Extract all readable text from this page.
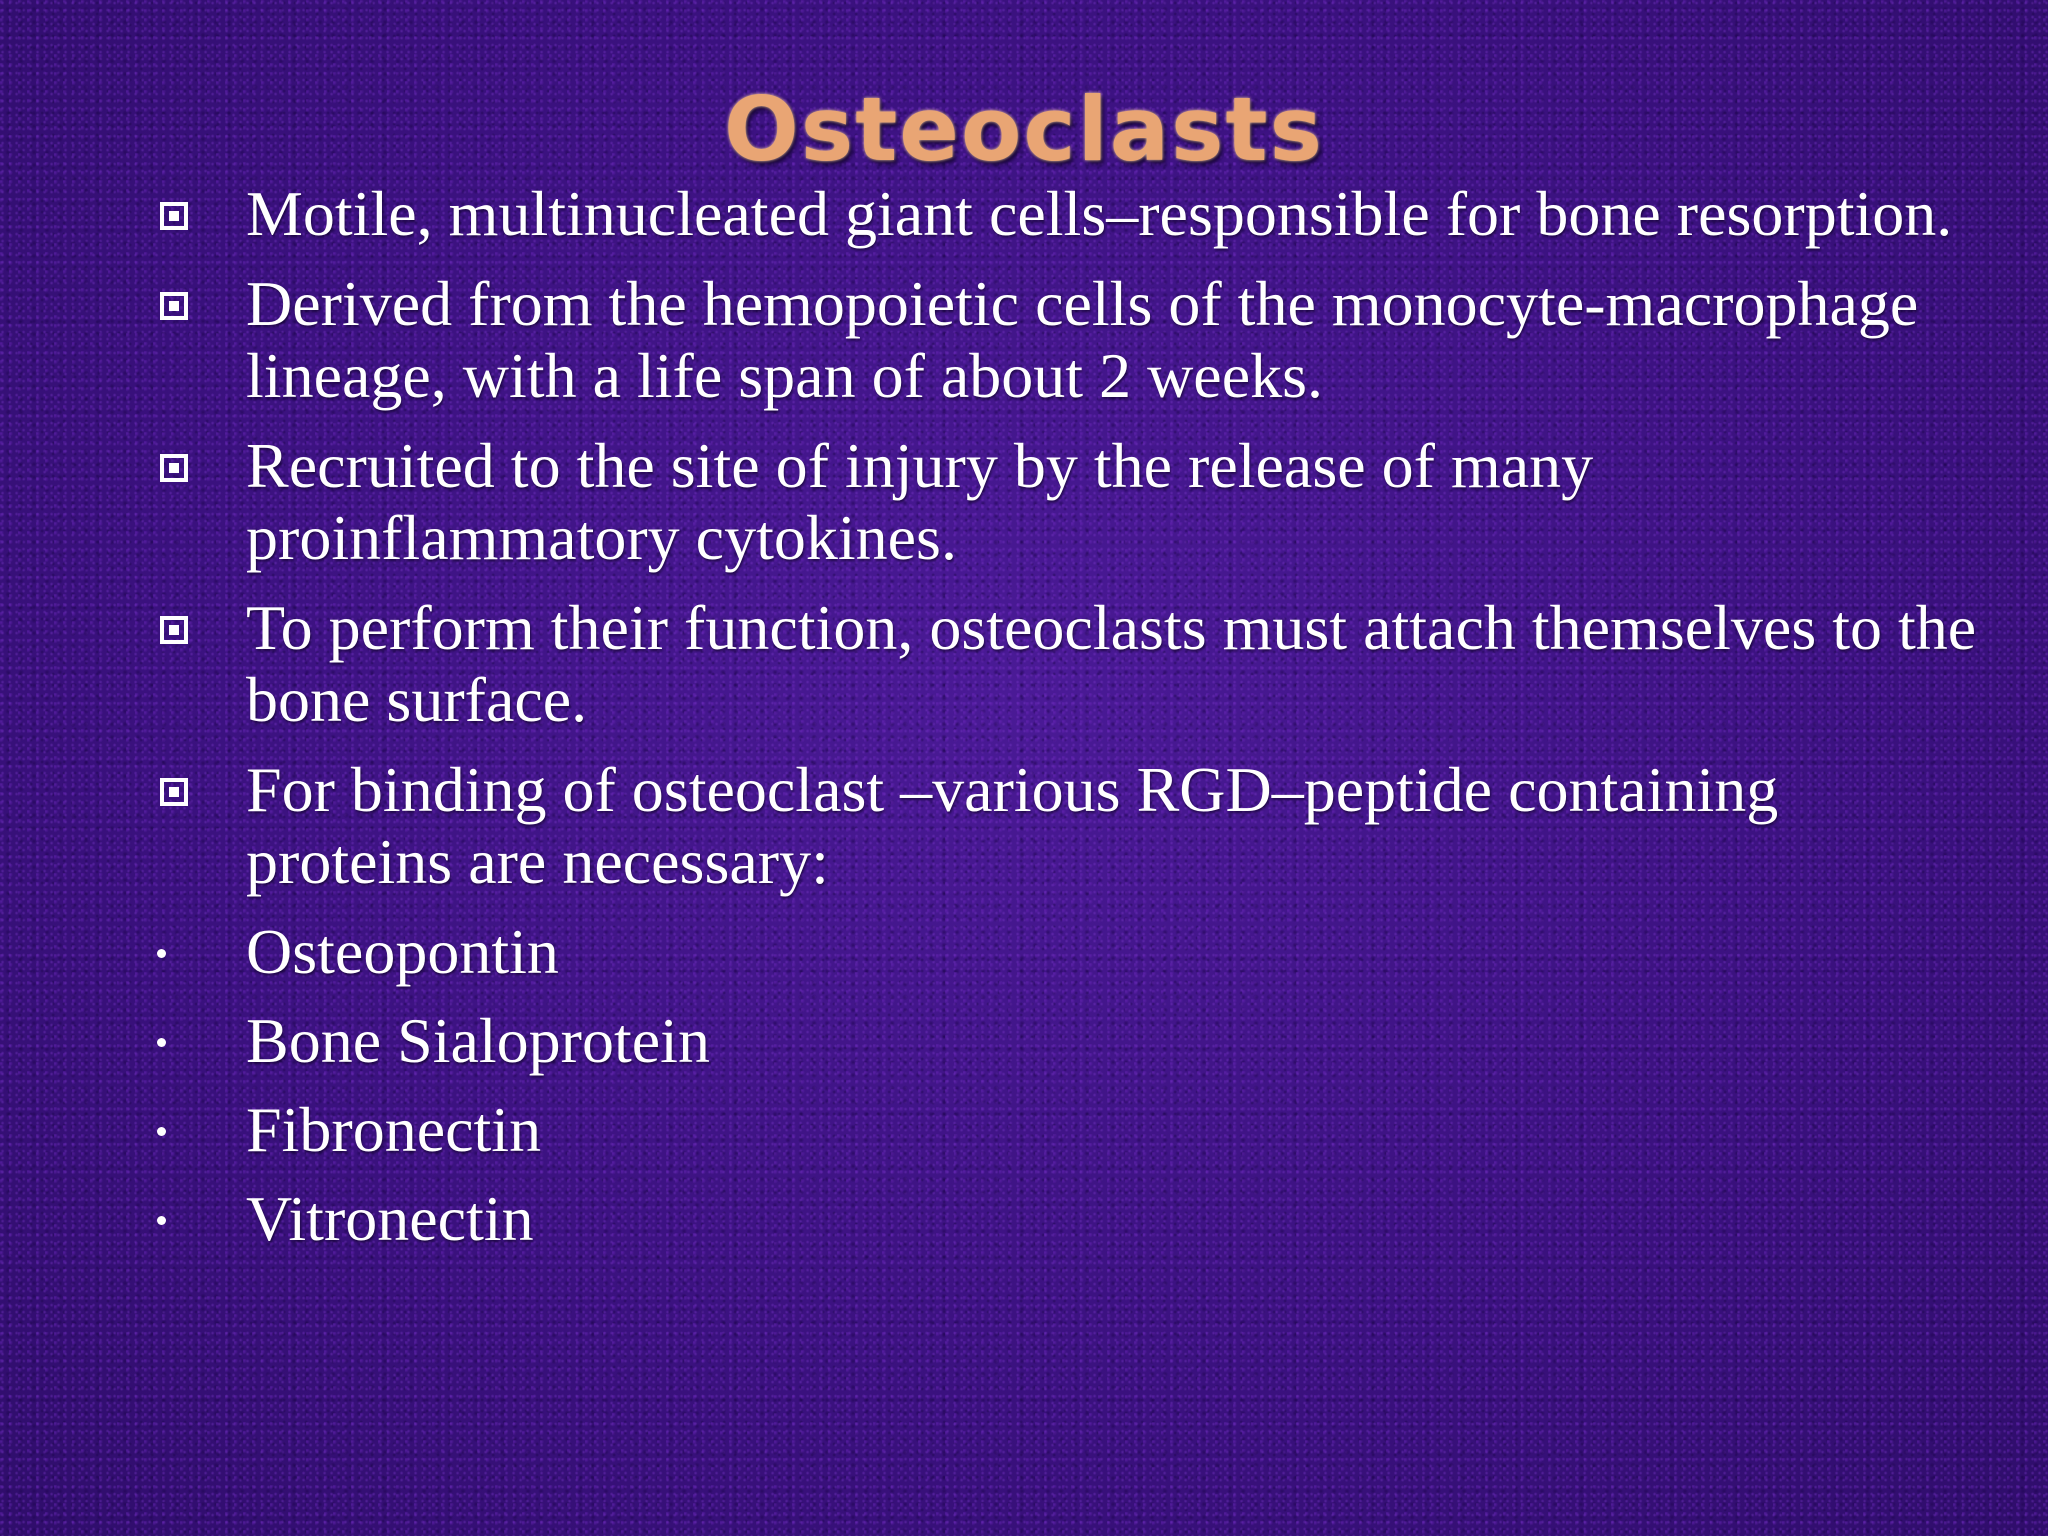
Osteoclasts
Motile, multinucleated giant cells–responsible for bone resorption.
Derived from the hemopoietic cells of the monocyte-macrophage lineage, with a life span of about 2 weeks.
Recruited to the site of injury by the release of many proinflammatory cytokines.
To perform their function, osteoclasts must attach themselves to the bone surface.
For binding of osteoclast –various RGD–peptide containing proteins are necessary:
Osteopontin
Bone Sialoprotein
Fibronectin
Vitronectin
